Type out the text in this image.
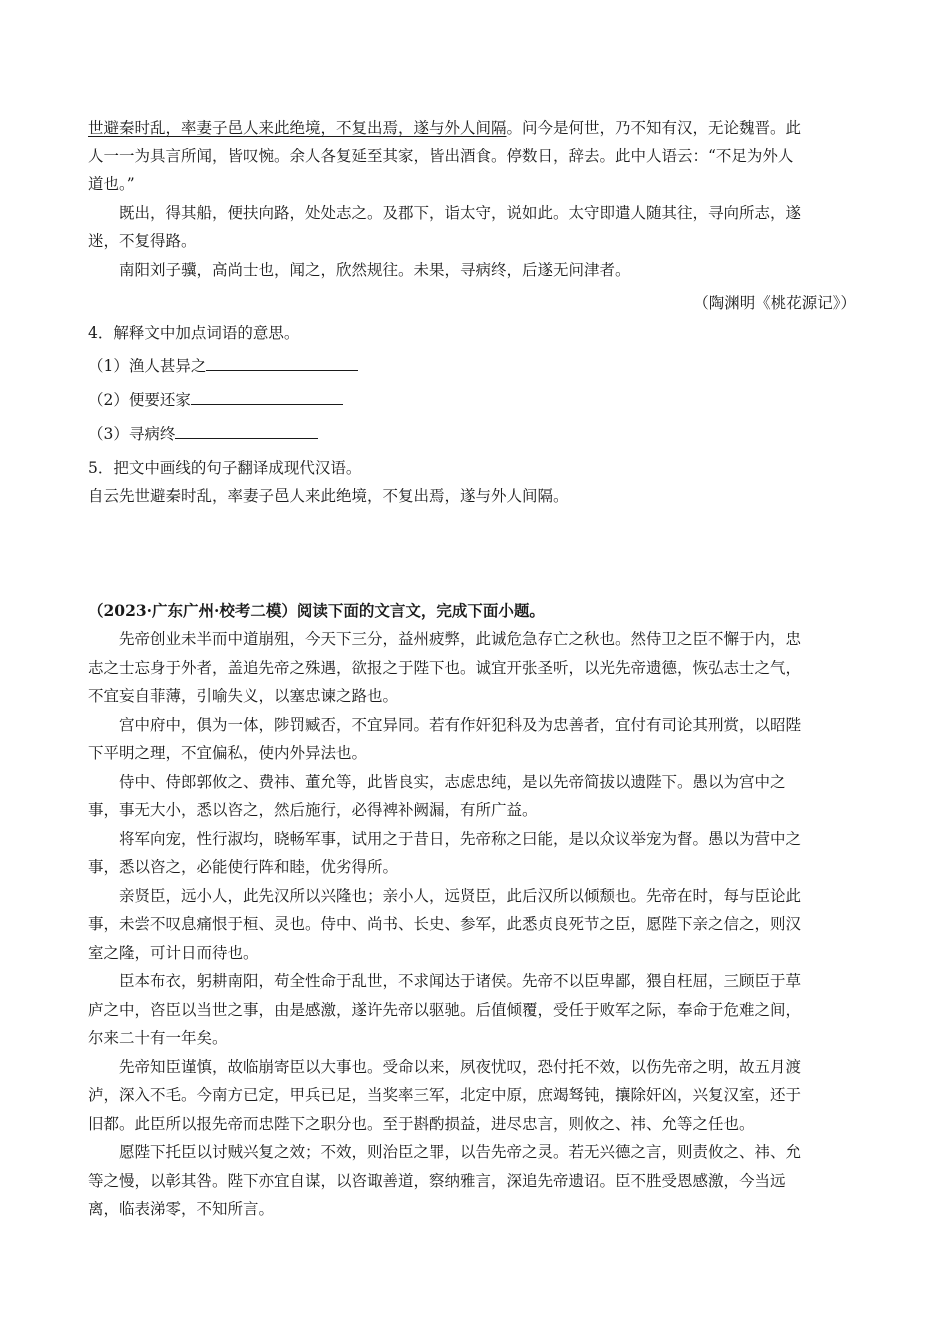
世避秦时乱，率妻子邑人来此绝境，不复出焉，遂与外人间隔。问今是何世，乃不知有汉，无论魏晋。此
人一一为具言所闻，皆叹惋。余人各复延至其家，皆出酒食。停数日，辞去。此中人语云：“不足为外人
道也。”
既出，得其船，便扶向路，处处志之。及郡下，诣太守，说如此。太守即遣人随其往，寻向所志，遂
迷，不复得路。
南阳刘子骥，高尚士也，闻之，欣然规往。未果，寻病终，后遂无问津者。
（陶渊明《桃花源记》）
4．解释文中加点词语的意思。
（1）渔人甚异之
（2）便要还家
（3）寻病终
5．把文中画线的句子翻译成现代汉语。
自云先世避秦时乱，率妻子邑人来此绝境，不复出焉，遂与外人间隔。
（2023·广东广州·校考二模）阅读下面的文言文，完成下面小题。
先帝创业未半而中道崩殂，今天下三分，益州疲弊，此诚危急存亡之秋也。然侍卫之臣不懈于内，忠
志之士忘身于外者，盖追先帝之殊遇，欲报之于陛下也。诚宜开张圣听，以光先帝遗德，恢弘志士之气，
不宜妄自菲薄，引喻失义，以塞忠谏之路也。
宫中府中，俱为一体，陟罚臧否，不宜异同。若有作奸犯科及为忠善者，宜付有司论其刑赏，以昭陛
下平明之理，不宜偏私，使内外异法也。
侍中、侍郎郭攸之、费祎、董允等，此皆良实，志虑忠纯，是以先帝简拔以遗陛下。愚以为宫中之
事，事无大小，悉以咨之，然后施行，必得裨补阙漏，有所广益。
将军向宠，性行淑均，晓畅军事，试用之于昔日，先帝称之曰能，是以众议举宠为督。愚以为营中之
事，悉以咨之，必能使行阵和睦，优劣得所。
亲贤臣，远小人，此先汉所以兴隆也；亲小人，远贤臣，此后汉所以倾颓也。先帝在时，每与臣论此
事，未尝不叹息痛恨于桓、灵也。侍中、尚书、长史、参军，此悉贞良死节之臣，愿陛下亲之信之，则汉
室之隆，可计日而待也。
臣本布衣，躬耕南阳，苟全性命于乱世，不求闻达于诸侯。先帝不以臣卑鄙，猥自枉屈，三顾臣于草
庐之中，咨臣以当世之事，由是感激，遂许先帝以驱驰。后值倾覆，受任于败军之际，奉命于危难之间，
尔来二十有一年矣。
先帝知臣谨慎，故临崩寄臣以大事也。受命以来，夙夜忧叹，恐付托不效，以伤先帝之明，故五月渡
泸，深入不毛。今南方已定，甲兵已足，当奖率三军，北定中原，庶竭驽钝，攘除奸凶，兴复汉室，还于
旧都。此臣所以报先帝而忠陛下之职分也。至于斟酌损益，进尽忠言，则攸之、祎、允等之任也。
愿陛下托臣以讨贼兴复之效；不效，则治臣之罪，以告先帝之灵。若无兴德之言，则责攸之、祎、允
等之慢，以彰其咎。陛下亦宜自谋，以咨诹善道，察纳雅言，深追先帝遗诏。臣不胜受恩感激，今当远
离，临表涕零，不知所言。
